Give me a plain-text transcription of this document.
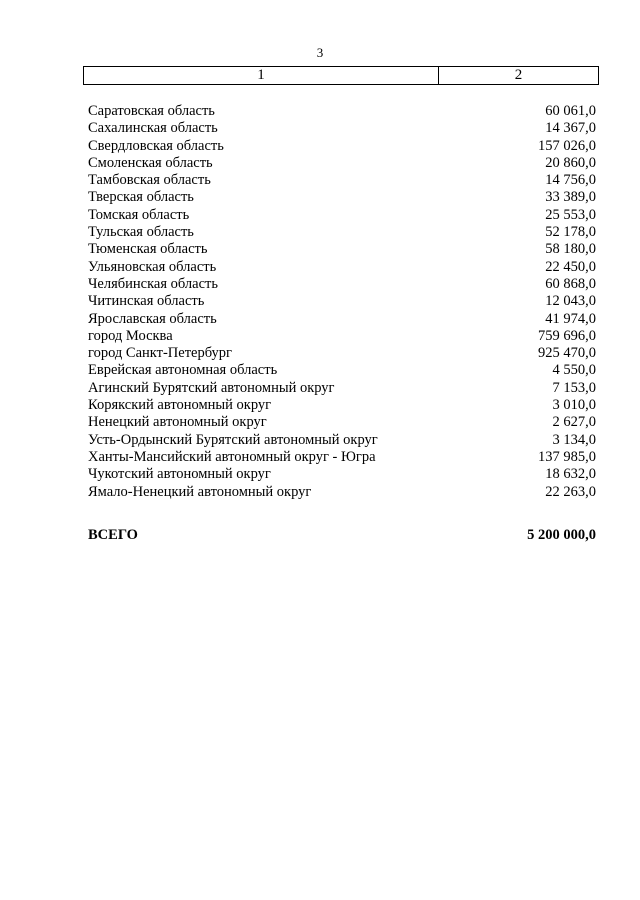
3
1	2
Саратовская область	60 061,0
Сахалинская область	14 367,0
Свердловская область	157 026,0
Смоленская область	20 860,0
Тамбовская область	14 756,0
Тверская область	33 389,0
Томская область	25 553,0
Тульская область	52 178,0
Тюменская область	58 180,0
Ульяновская область	22 450,0
Челябинская область	60 868,0
Читинская область	12 043,0
Ярославская область	41 974,0
город Москва	759 696,0
город Санкт-Петербург	925 470,0
Еврейская автономная область	4 550,0
Агинский Бурятский автономный округ	7 153,0
Корякский автономный округ	3 010,0
Ненецкий автономный округ	2 627,0
Усть-Ордынский Бурятский автономный округ	3 134,0
Ханты-Мансийский автономный округ - Югра	137 985,0
Чукотский автономный округ	18 632,0
Ямало-Ненецкий автономный округ	22 263,0
ВСЕГО	5 200 000,0
